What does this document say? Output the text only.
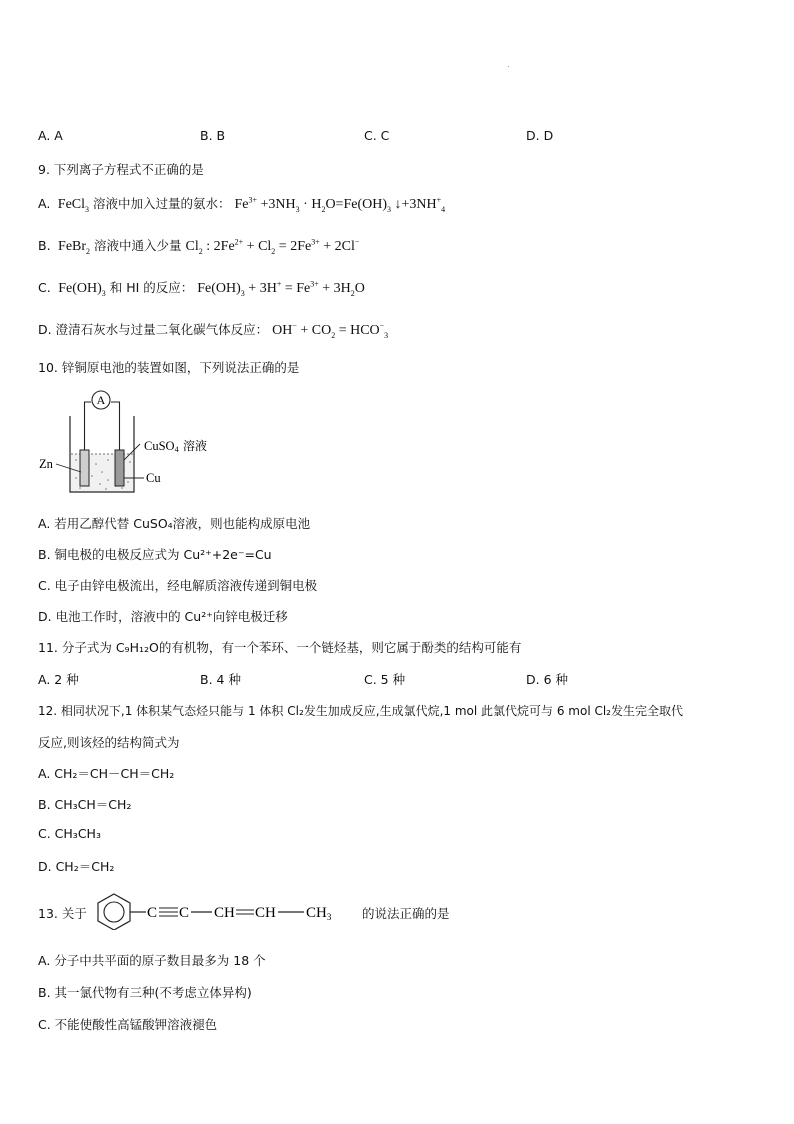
A. A	B. B	C. C	D. D
9. 下列离子方程式不正确的是
A.  FeCl$_3$ 溶液中加入过量的氨水： $Fe^{3+} +3NH_3 \cdot H_2O=Fe(OH)_3$ $↓+3NH^+_4$
B.  FeBr$_2$ 溶液中通入少量 $Cl_2$ : $2Fe^{2+} + Cl_2 = 2Fe^{3+} + 2Cl^-$
C.  $Fe(OH)_3$ 和 HI 的反应： $Fe(OH)_3 + 3H^+ = Fe^{3+} + 3H_2O$
D. 澄清石灰水与过量二氧化碳气体反应： $OH^- + CO_2 = HCO^-_3$
10. 锌铜原电池的装置如图，下列说法正确的是
A
Zn
CuSO4 溶液
Cu
A. 若用乙醇代替 CuSO₄溶液，则也能构成原电池
B. 铜电极的电极反应式为 Cu²⁺+2e⁻=Cu
C. 电子由锌电极流出，经电解质溶液传递到铜电极
D. 电池工作时，溶液中的 Cu²⁺向锌电极迁移
11. 分子式为 C₉H₁₂O的有机物，有一个苯环、一个链烃基，则它属于酚类的结构可能有
A. 2 种	B. 4 种	C. 5 种	D. 6 种
12. 相同状况下,1 体积某气态烃只能与 1 体积 Cl₂发生加成反应,生成氯代烷,1 mol 此氯代烷可与 6 mol Cl₂发生完全取代
反应,则该烃的结构简式为
A. CH₂＝CH－CH＝CH₂
B. CH₃CH＝CH₂
C. CH₃CH₃
D. CH₂＝CH₂
13. 关于	C C CH CH $CH_3$ 的说法正确的是
A. 分子中共平面的原子数目最多为 18 个
B. 其一氯代物有三种(不考虑立体异构)
C. 不能使酸性高锰酸钾溶液褪色
